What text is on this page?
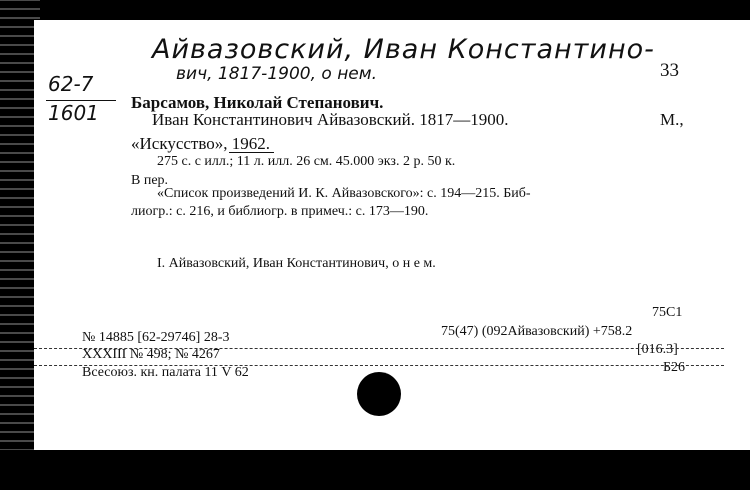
Айвазовский, Иван Константино-
вич, 1817-1900, о нем.
62-7
1601
33
Барсамов, Николай Степанович.
Иван Константинович Айвазовский. 1817—1900.	М.,
«Искусство», 1962.
275 с. с илл.; 11 л. илл. 26 см. 45.000 экз. 2 р. 50 к.
В пер.
«Список произведений И. К. Айвазовского»: с. 194—215. Биб-
лиогр.: с. 216, и библиогр. в примеч.: с. 173—190.
I. Айвазовский, Иван Константинович, о н е м.
75С1
75(47) (092Айвазовский) +758.2
[016.3]
Б26
№ 14885 [62-29746] 28-3
XXXIII № 498; № 4267
Всесоюз. кн. палата 11 V 62
